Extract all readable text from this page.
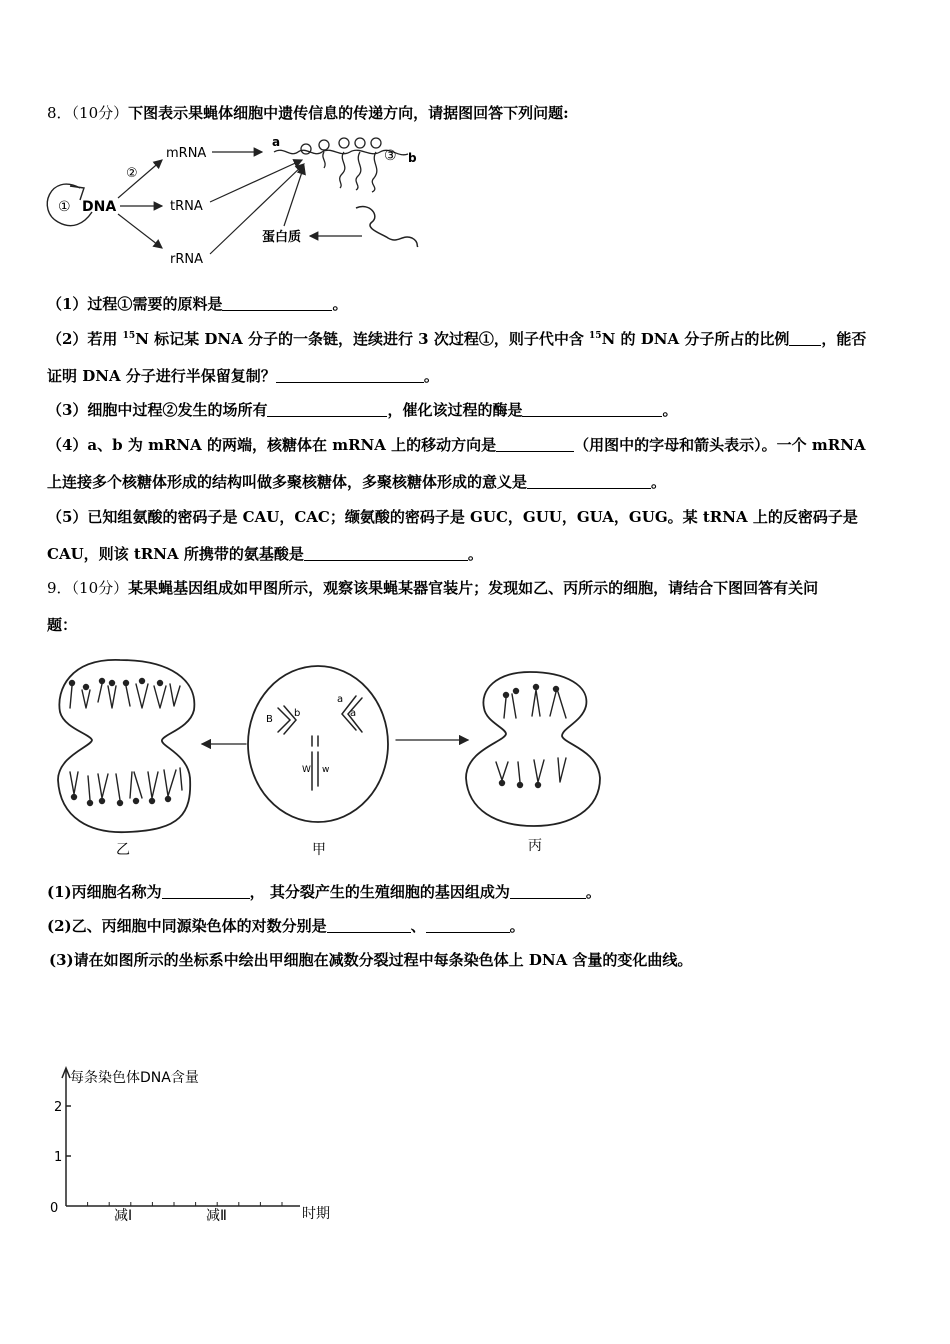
8．（10分）下图表示果蝇体细胞中遗传信息的传递方向，请据图回答下列问题:
① DNA
②
mRNA
tRNA
rRNA
a
b
③
蛋白质
（1）过程①需要的原料是	。
（2）若用 $^{15}$N 标记某 DNA 分子的一条链，连续进行 3 次过程①，则子代中含 $^{15}$N 的 DNA 分子所占的比例 ，能否
证明 DNA 分子进行半保留复制？	。
（3）细胞中过程②发生的场所有	，催化该过程的酶是	。
（4）a、b 为 mRNA 的两端，核糖体在 mRNA 上的移动方向是	（用图中的字母和箭头表示）。一个 mRNA
上连接多个核糖体形成的结构叫做多聚核糖体，多聚核糖体形成的意义是	。
（5）已知组氨酸的密码子是 CAU，CAC；缬氨酸的密码子是 GUC，GUU，GUA，GUG。某 tRNA 上的反密码子是
CAU，则该 tRNA 所携带的氨基酸是	。
9．（10分）某果蝇基因组成如甲图所示，观察该果蝇某器官装片；发现如乙、丙所示的细胞，请结合下图回答有关问
题：
B
b
a
a
W w
乙	甲	丙
(1)丙细胞名称为	， 其分裂产生的生殖细胞的基因组成为	。
(2)乙、丙细胞中同源染色体的对数分别是	、	。
(3)请在如图所示的坐标系中绘出甲细胞在减数分裂过程中每条染色体上 DNA 含量的变化曲线。
每条染色体DNA含量
时期
0
1
2
减Ⅰ	减Ⅱ
